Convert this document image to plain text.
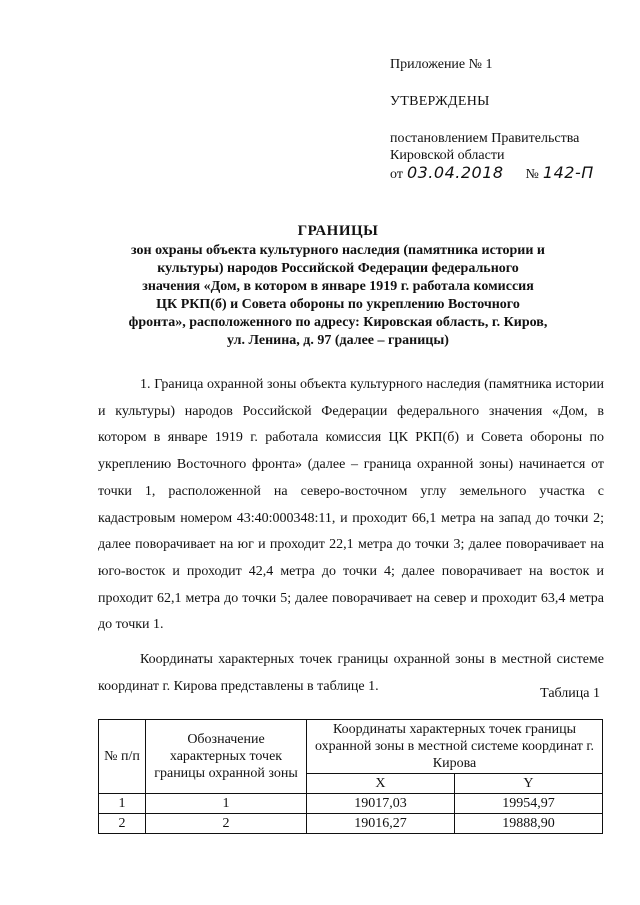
Приложение № 1

УТВЕРЖДЕНЫ

постановлением Правительства

Кировской области

от 03.04.2018 № 142-П

ГРАНИЦЫ
зон охраны объекта культурного наследия (памятника истории и
культуры) народов Российской Федерации федерального
значения «Дом, в котором в январе 1919 г. работала комиссия
ЦК РКП(б) и Совета обороны по укреплению Восточного
фронта», расположенного по адресу: Кировская область, г. Киров,
ул. Ленина, д. 97 (далее – границы)

1. Граница охранной зоны объекта культурного наследия (памятника истории и культуры) народов Российской Федерации федерального значения «Дом, в котором в январе 1919 г. работала комиссия ЦК РКП(б) и Совета обороны по укреплению Восточного фронта» (далее – граница охранной зоны) начинается от точки 1, расположенной на северо-восточном углу земельного участка с кадастровым номером 43:40:000348:11, и проходит 66,1 метра на запад до точки 2; далее поворачивает на юг и проходит 22,1 метра до точки 3; далее поворачивает на юго-восток и проходит 42,4 метра до точки 4; далее поворачивает на восток и проходит 62,1 метра до точки 5; далее поворачивает на север и проходит 63,4 метра до точки 1.

Координаты характерных точек границы охранной зоны в местной системе координат г. Кирова представлены в таблице 1.	Таблица 1
№ п/п	Обозначение характерных точек границы охранной зоны	Координаты характерных точек границы охранной зоны в местной системе координат г. Кирова	
		X	Y
1	1	19017,03	19954,97
2	2	19016,27	19888,90
